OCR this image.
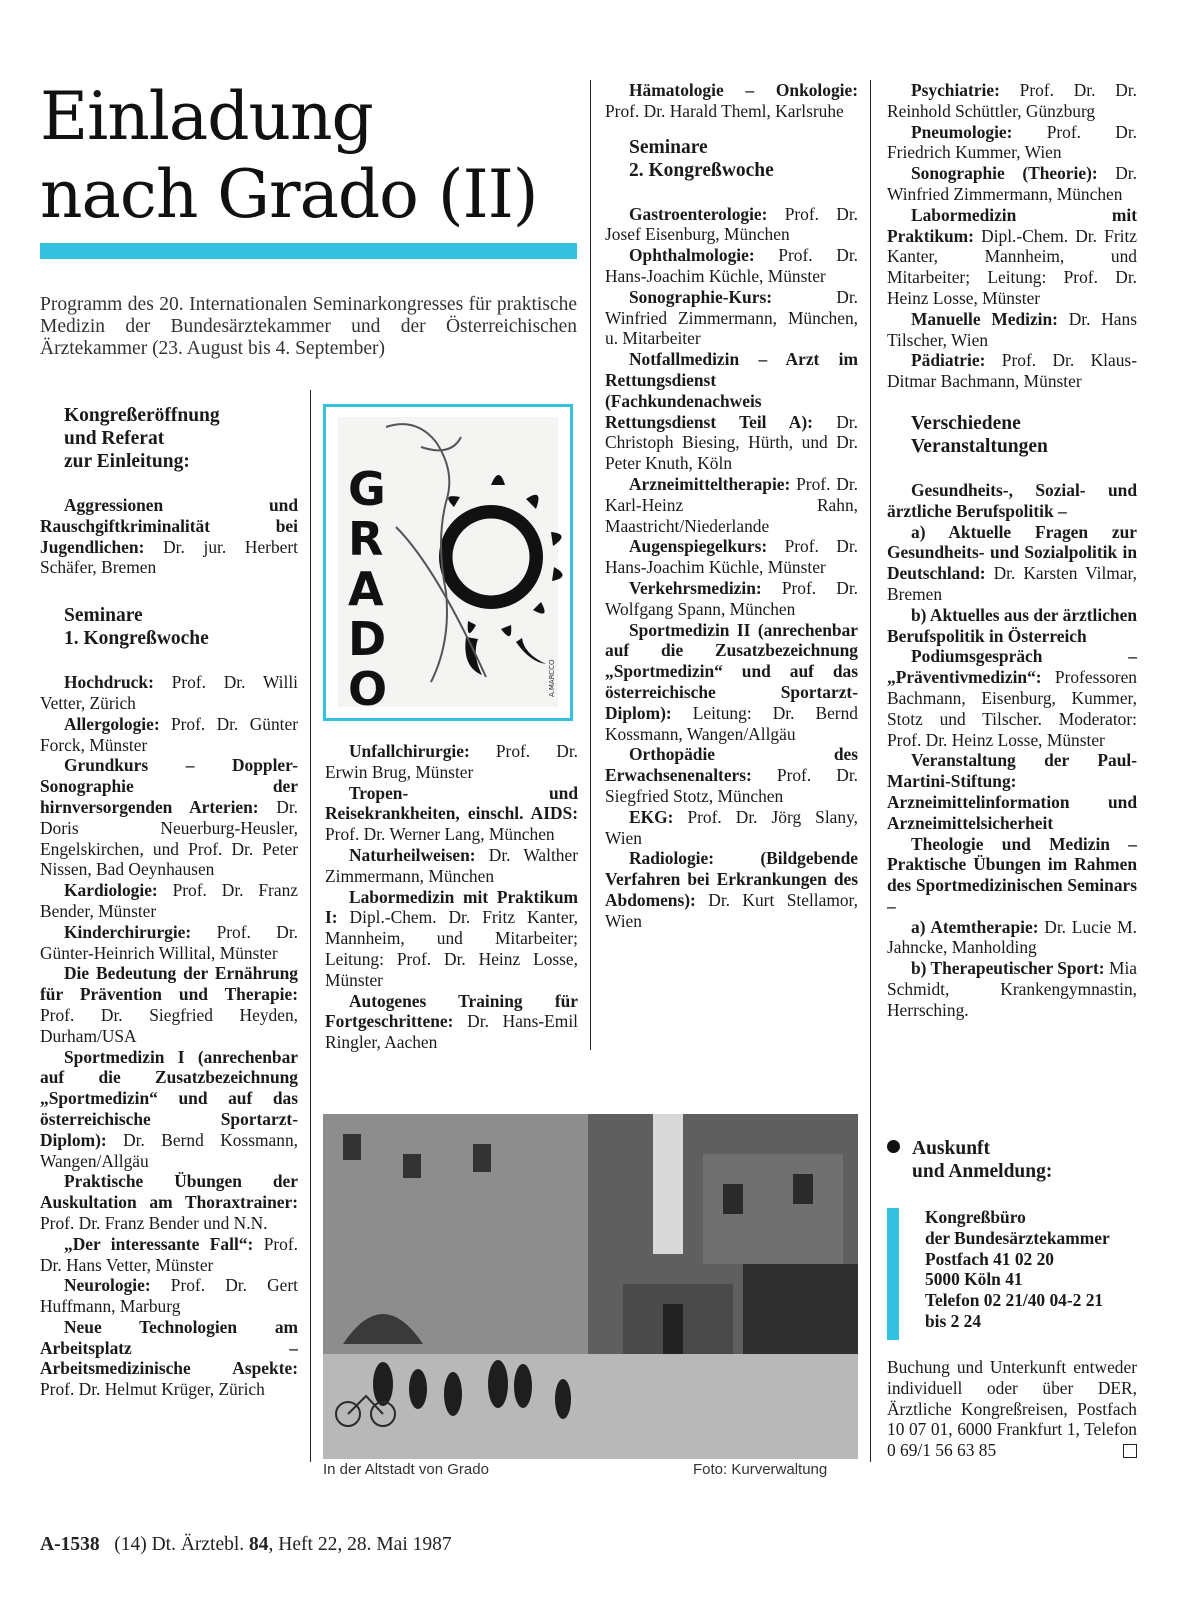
Einladung
nach Grado (II)
Programm des 20. Internationalen Seminarkongresses für praktische Medizin der Bundesärztekammer und der Österreichischen Ärztekammer (23. August bis 4. September)
Kongreßeröffnung
und Referat
zur Einleitung:

Aggressionen und Rauschgiftkriminalität bei Jugendlichen: Dr. jur. Herbert Schäfer, Bremen

Seminare
1. Kongreßwoche

Hochdruck: Prof. Dr. Willi Vetter, Zürich

Allergologie: Prof. Dr. Günter Forck, Münster

Grundkurs – Doppler-Sonographie der hirnversorgenden Arterien: Dr. Doris Neuerburg-Heusler, Engelskirchen, und Prof. Dr. Peter Nissen, Bad Oeynhausen

Kardiologie: Prof. Dr. Franz Bender, Münster

Kinderchirurgie: Prof. Dr. Günter-Heinrich Willital, Münster

Die Bedeutung der Ernährung für Prävention und Therapie: Prof. Dr. Siegfried Heyden, Durham/USA

Sportmedizin I (anrechenbar auf die Zusatzbezeichnung „Sportmedizin“ und auf das österreichische Sportarzt-Diplom): Dr. Bernd Kossmann, Wangen/Allgäu

Praktische Übungen der Auskultation am Thoraxtrainer: Prof. Dr. Franz Bender und N.N.

„Der interessante Fall“: Prof. Dr. Hans Vetter, Münster

Neurologie: Prof. Dr. Gert Huffmann, Marburg

Neue Technologien am Arbeitsplatz – Arbeitsmedizinische Aspekte: Prof. Dr. Helmut Krüger, Zürich

G
R
A
D
O	A.MARCCO

Unfallchirurgie: Prof. Dr. Erwin Brug, Münster

Tropen- und Reisekrankheiten, einschl. AIDS: Prof. Dr. Werner Lang, München

Naturheilweisen: Dr. Walther Zimmermann, München

Labormedizin mit Praktikum I: Dipl.-Chem. Dr. Fritz Kanter, Mannheim, und Mitarbeiter; Leitung: Prof. Dr. Heinz Losse, Münster

Autogenes Training für Fortgeschrittene: Dr. Hans-Emil Ringler, Aachen

Hämatologie – Onkologie: Prof. Dr. Harald Theml, Karlsruhe

Seminare
2. Kongreßwoche

Gastroenterologie: Prof. Dr. Josef Eisenburg, München

Ophthalmologie: Prof. Dr. Hans-Joachim Küchle, Münster

Sonographie-Kurs: Dr. Winfried Zimmermann, München, u. Mitarbeiter

Notfallmedizin – Arzt im Rettungsdienst (Fachkundenachweis Rettungsdienst Teil A): Dr. Christoph Biesing, Hürth, und Dr. Peter Knuth, Köln

Arzneimitteltherapie: Prof. Dr. Karl-Heinz Rahn, Maastricht/Niederlande

Augenspiegelkurs: Prof. Dr. Hans-Joachim Küchle, Münster

Verkehrsmedizin: Prof. Dr. Wolfgang Spann, München

Sportmedizin II (anrechenbar auf die Zusatzbezeichnung „Sportmedizin“ und auf das österreichische Sportarzt-Diplom): Leitung: Dr. Bernd Kossmann, Wangen/Allgäu

Orthopädie des Erwachsenenalters: Prof. Dr. Siegfried Stotz, München

EKG: Prof. Dr. Jörg Slany, Wien

Radiologie: (Bildgebende Verfahren bei Erkrankungen des Abdomens): Dr. Kurt Stellamor, Wien

Psychiatrie: Prof. Dr. Dr. Reinhold Schüttler, Günzburg

Pneumologie: Prof. Dr. Friedrich Kummer, Wien

Sonographie (Theorie): Dr. Winfried Zimmermann, München

Labormedizin mit Praktikum: Dipl.-Chem. Dr. Fritz Kanter, Mannheim, und Mitarbeiter; Leitung: Prof. Dr. Heinz Losse, Münster

Manuelle Medizin: Dr. Hans Tilscher, Wien

Pädiatrie: Prof. Dr. Klaus-Ditmar Bachmann, Münster

Verschiedene
Veranstaltungen

Gesundheits-, Sozial- und ärztliche Berufspolitik –

a) Aktuelle Fragen zur Gesundheits- und Sozialpolitik in Deutschland: Dr. Karsten Vilmar, Bremen

b) Aktuelles aus der ärztlichen Berufspolitik in Österreich

Podiumsgespräch – „Präventivmedizin“: Professoren Bachmann, Eisenburg, Kummer, Stotz und Tilscher. Moderator: Prof. Dr. Heinz Losse, Münster

Veranstaltung der Paul-Martini-Stiftung: Arzneimittelinformation und Arzneimittelsicherheit

Theologie und Medizin – Praktische Übungen im Rahmen des Sportmedizinischen Seminars –

a) Atemtherapie: Dr. Lucie M. Jahncke, Manholding

b) Therapeutischer Sport: Mia Schmidt, Krankengymnastin, Herrsching.

In der Altstadt von Grado	Foto: Kurverwaltung
Auskunft
und Anmeldung:
Kongreßbüro
der Bundesärztekammer
Postfach 41 02 20
5000 Köln 41
Telefon 02 21/40 04-2 21
bis 2 24
Buchung und Unterkunft entweder individuell oder über DER, Ärztliche Kongreßreisen, Postfach 10 07 01, 6000 Frankfurt 1, Telefon 0 69/1 56 63 85
A-1538 (14) Dt. Ärztebl. 84, Heft 22, 28. Mai 1987
